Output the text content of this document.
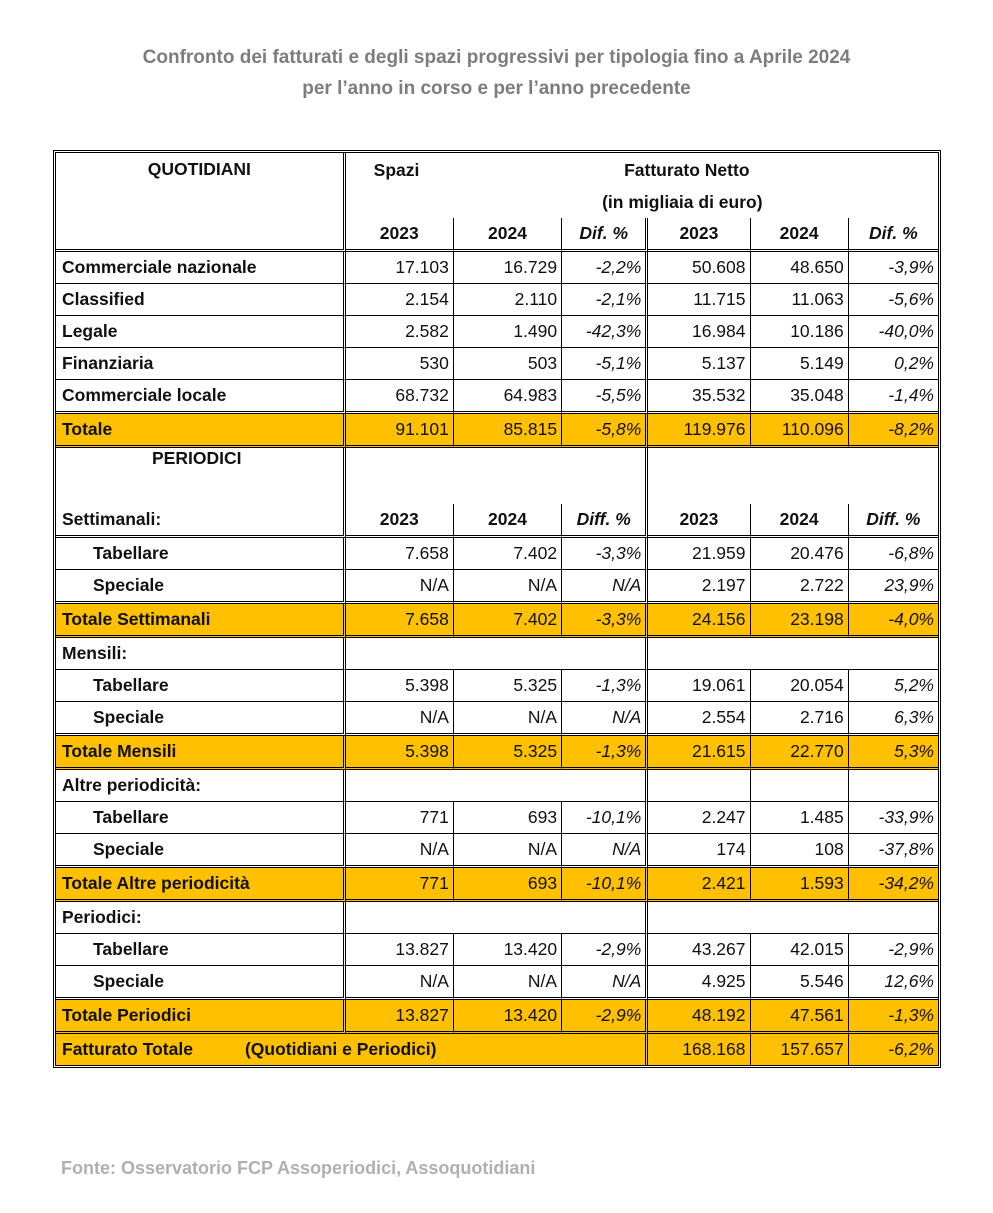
Confronto dei fatturati e degli spazi progressivi per tipologia fino a Aprile 2024
per l’anno in corso e per l’anno precedente
QUOTIDIANI	Spazi		Fatturato Netto			
			(in migliaia di euro)			
	2023	2024	Dif. %	2023	2024	Dif. %
Commerciale nazionale	17.103	16.729	-2,2%	50.608	48.650	-3,9%
Classified	2.154	2.110	-2,1%	11.715	11.063	-5,6%
Legale	2.582	1.490	-42,3%	16.984	10.186	-40,0%
Finanziaria	530	503	-5,1%	5.137	5.149	0,2%
Commerciale locale	68.732	64.983	-5,5%	35.532	35.048	-1,4%
Totale	91.101	85.815	-5,8%	119.976	110.096	-8,2%
PERIODICI						
Settimanali:	2023	2024	Diff. %	2023	2024	Diff. %
Tabellare	7.658	7.402	-3,3%	21.959	20.476	-6,8%
Speciale	N/A	N/A	N/A	2.197	2.722	23,9%
Totale Settimanali	7.658	7.402	-3,3%	24.156	23.198	-4,0%
Mensili:						
Tabellare	5.398	5.325	-1,3%	19.061	20.054	5,2%
Speciale	N/A	N/A	N/A	2.554	2.716	6,3%
Totale Mensili	5.398	5.325	-1,3%	21.615	22.770	5,3%
Altre periodicità:						
Tabellare	771	693	-10,1%	2.247	1.485	-33,9%
Speciale	N/A	N/A	N/A	174	108	-37,8%
Totale Altre periodicità	771	693	-10,1%	2.421	1.593	-34,2%
Periodici:						
Tabellare	13.827	13.420	-2,9%	43.267	42.015	-2,9%
Speciale	N/A	N/A	N/A	4.925	5.546	12,6%
Totale Periodici	13.827	13.420	-2,9%	48.192	47.561	-1,3%
Fatturato Totale (Quotidiani e Periodici)				168.168	157.657	-6,2%
Fonte: Osservatorio FCP Assoperiodici, Assoquotidiani
